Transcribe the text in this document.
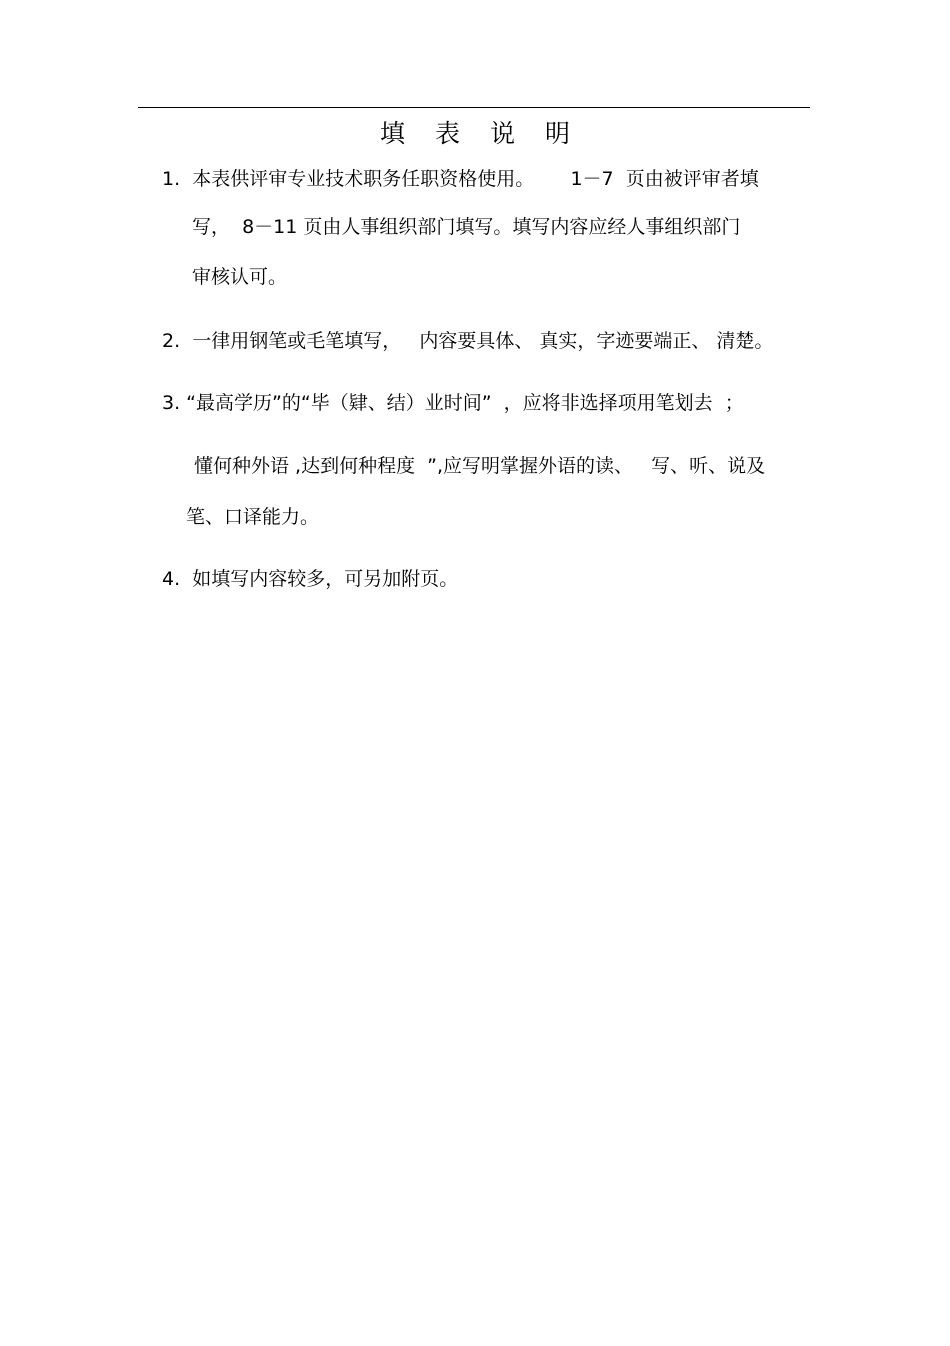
填表说明
1.  本表供评审专业技术职务任职资格使用。      1－7  页由被评审者填
写，  8－11 页由人事组织部门填写。填写内容应经人事组织部门
审核认可。
2.  一律用钢笔或毛笔填写，   内容要具体、 真实，字迹要端正、 清楚。
3. “最高学历”的“毕（肄、结）业时间”  ，应将非选择项用笔划去  ；
懂何种外语 ,达到何种程度  ”,应写明掌握外语的读、   写、听、说及
笔、口译能力。
4.  如填写内容较多，可另加附页。
